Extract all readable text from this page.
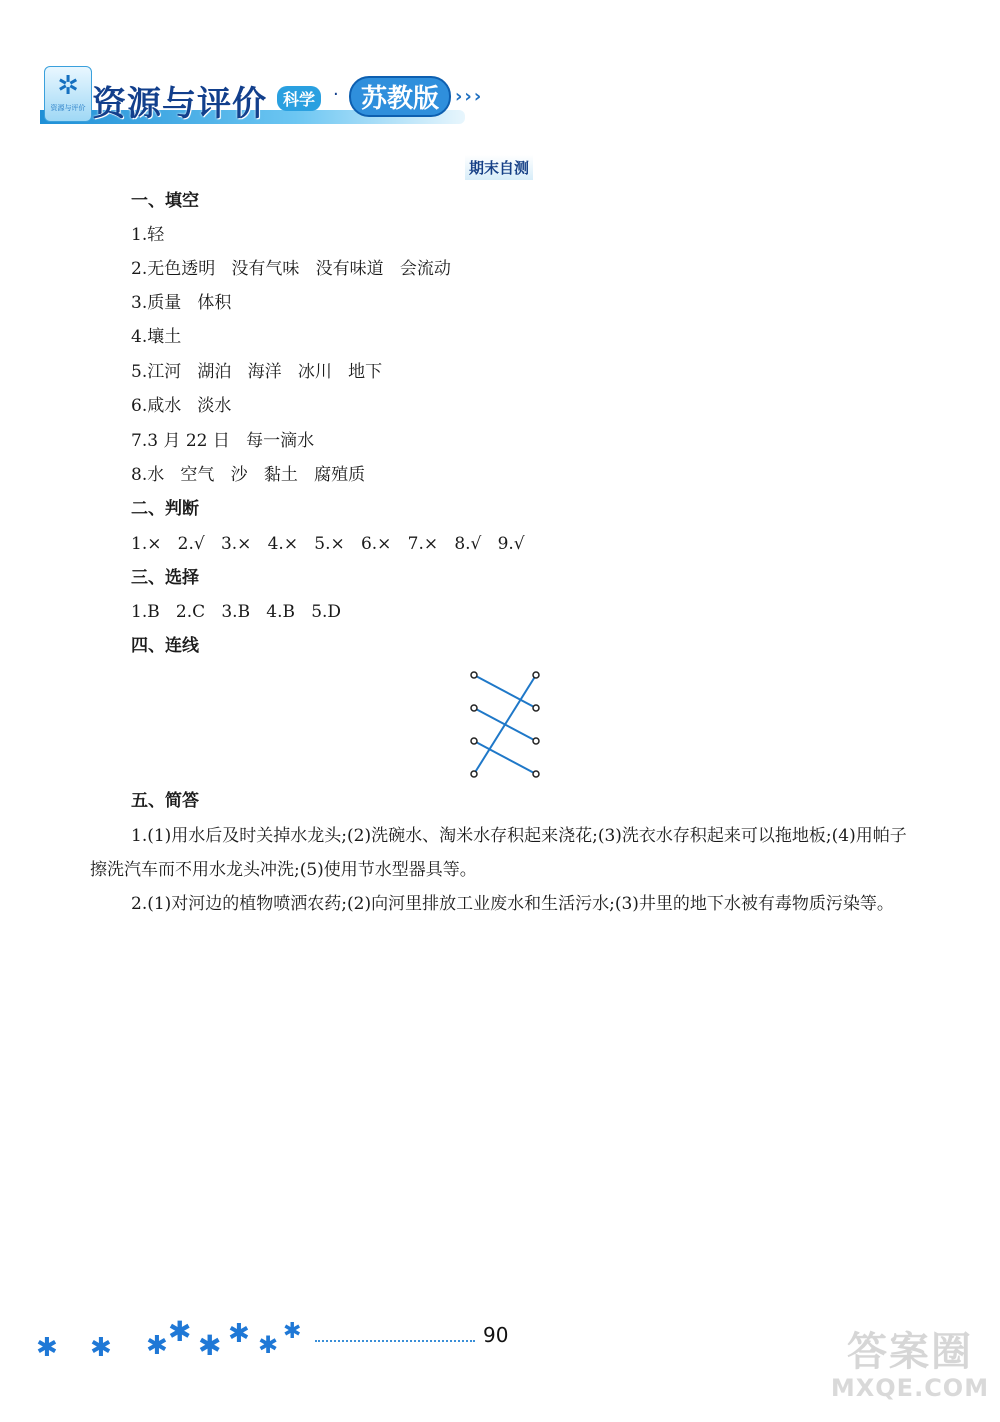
✲
资源与评价 资源与评价	科学 · 苏教版 ›››
期末自测
一、填空
1.轻
2.无色透明   没有气味   没有味道   会流动
3.质量   体积
4.壤土
5.江河   湖泊   海洋   冰川   地下
6.咸水   淡水
7.3 月 22 日   每一滴水
8.水   空气   沙   黏土   腐殖质
二、判断
1.×   2.√   3.×   4.×   5.×   6.×   7.×   8.√   9.√
三、选择
1.B   2.C   3.B   4.B   5.D
四、连线
五、简答
1.(1)用水后及时关掉水龙头;(2)洗碗水、淘米水存积起来浇花;(3)洗衣水存积起来可以拖地板;(4)用帕子擦洗汽车而不用水龙头冲洗;(5)使用节水型器具等。
2.(1)对河边的植物喷洒农药;(2)向河里排放工业废水和生活污水;(3)井里的地下水被有毒物质污染等。
✱ ✱ ✱ ✱ ✱ ✱ ✱ ✱	90	答案圈
MXQE.COM
